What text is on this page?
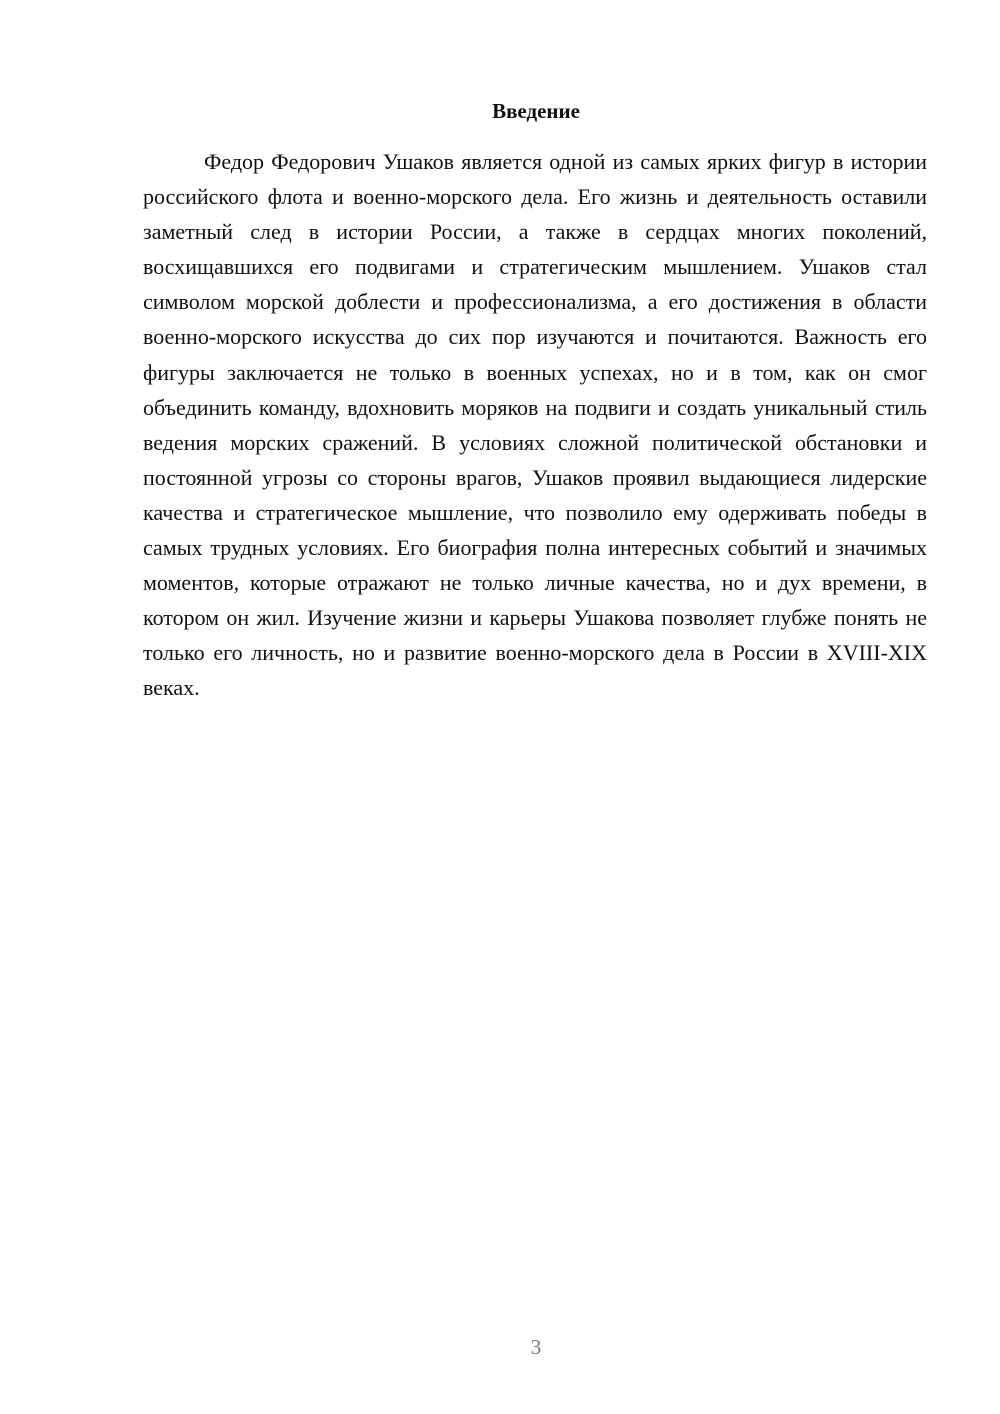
Введение

Федор Федорович Ушаков является одной из самых ярких фигур в истории российского флота и военно-морского дела. Его жизнь и деятельность оставили заметный след в истории России, а также в сердцах многих поколений, восхищавшихся его подвигами и стратегическим мышлением. Ушаков стал символом морской доблести и профессионализма, а его достижения в области военно-морского искусства до сих пор изучаются и почитаются. Важность его фигуры заключается не только в военных успехах, но и в том, как он смог объединить команду, вдохновить моряков на подвиги и создать уникальный стиль ведения морских сражений. В условиях сложной политической обстановки и постоянной угрозы со стороны врагов, Ушаков проявил выдающиеся лидерские качества и стратегическое мышление, что позволило ему одерживать победы в самых трудных условиях. Его биография полна интересных событий и значимых моментов, которые отражают не только личные качества, но и дух времени, в котором он жил. Изучение жизни и карьеры Ушакова позволяет глубже понять не только его личность, но и развитие военно-морского дела в России в XVIII-XIX веках.

3
